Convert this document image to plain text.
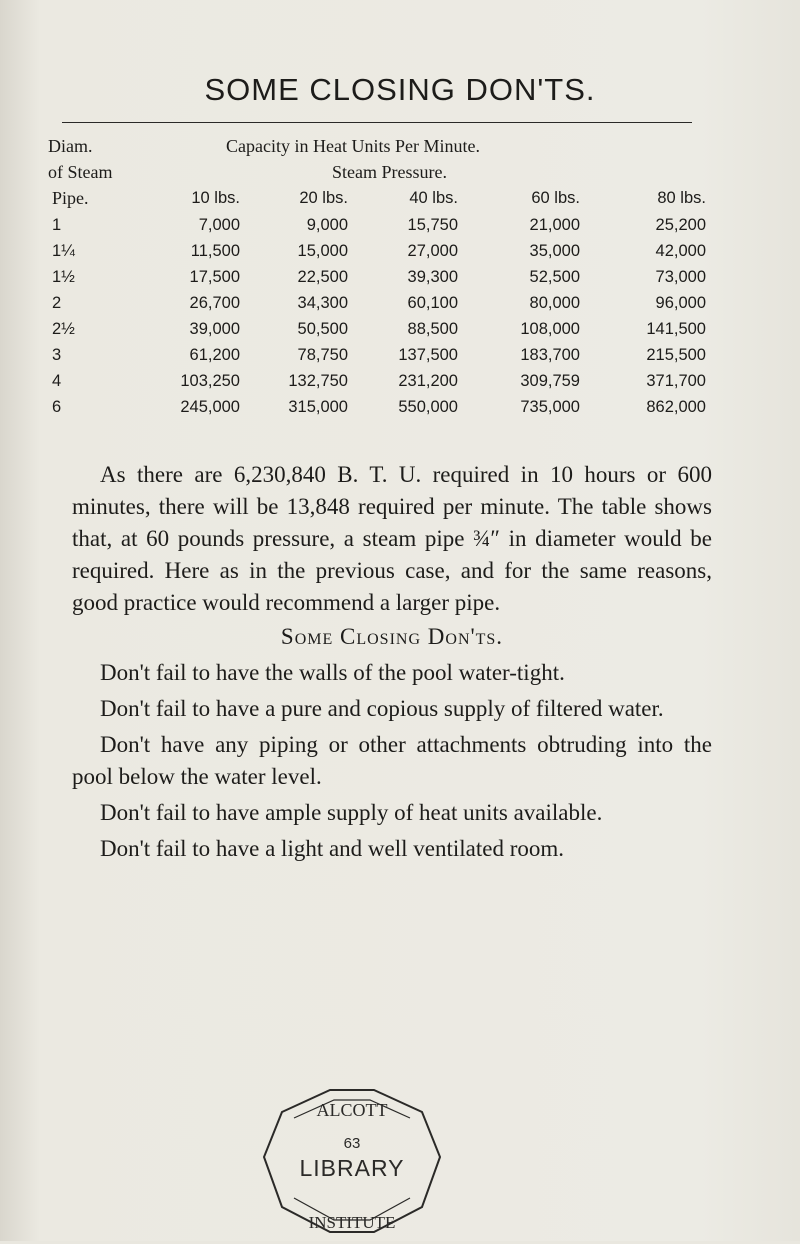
SOME CLOSING DON'TS.
Diam.
of Steam
Pipe.
Capacity in Heat Units Per Minute.
Steam Pressure.
10 lbs.	20 lbs.	40 lbs.	60 lbs.	80 lbs.
1	7,000	9,000	15,750	21,000	25,200
1¼	11,500	15,000	27,000	35,000	42,000
1½	17,500	22,500	39,300	52,500	73,000
2	26,700	34,300	60,100	80,000	96,000
2½	39,000	50,500	88,500	108,000	141,500
3	61,200	78,750	137,500	183,700	215,500
4	103,250	132,750	231,200	309,759	371,700
6	245,000	315,000	550,000	735,000	862,000

As there are 6,230,840 B. T. U. required in 10 hours or 600 minutes, there will be 13,848 required per minute. The table shows that, at 60 pounds pressure, a steam pipe ¾″ in diameter would be required. Here as in the previous case, and for the same reasons, good practice would recommend a larger pipe.

Some Closing Don'ts.

Don't fail to have the walls of the pool water-tight.

Don't fail to have a pure and copious supply of filtered water.

Don't have any piping or other attachments obtruding into the pool below the water level.

Don't fail to have ample supply of heat units available.

Don't fail to have a light and well ventilated room.

ALCOTT
63
LIBRARY
INSTITUTE
